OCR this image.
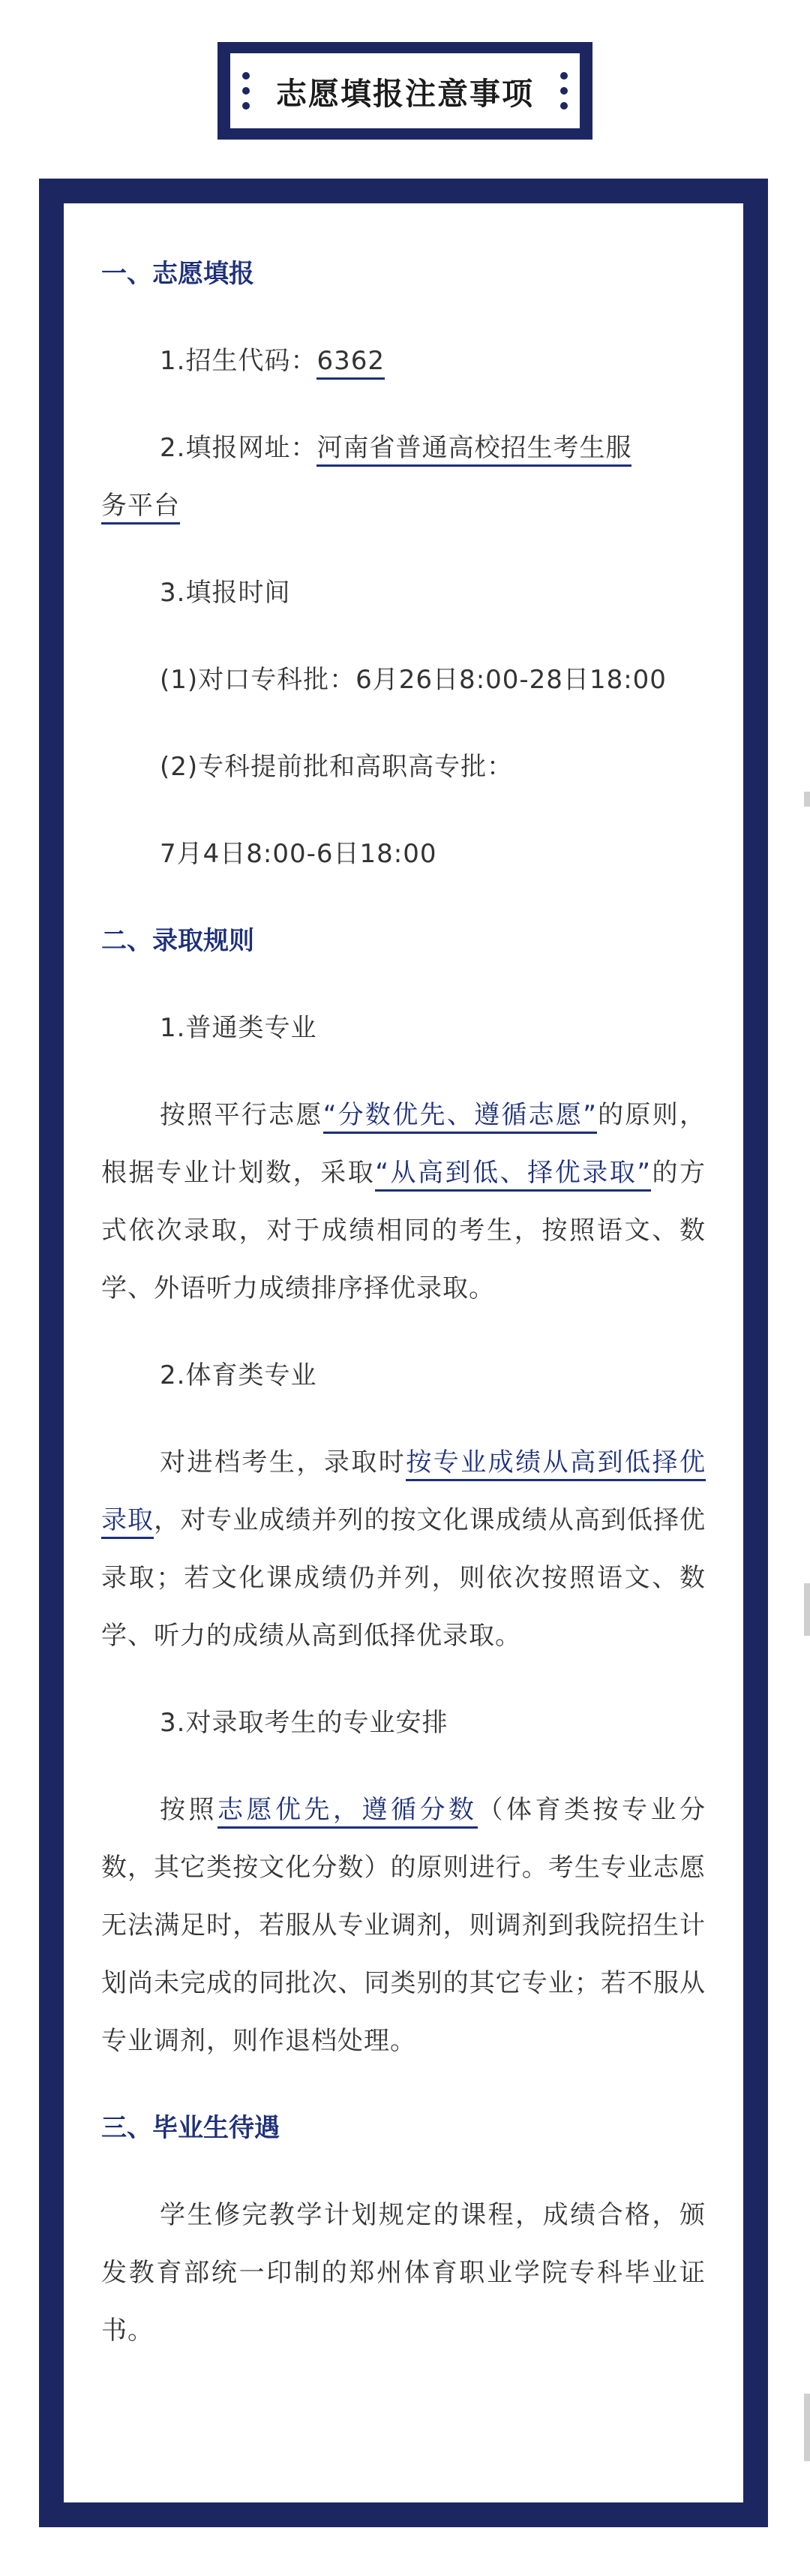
志愿填报注意事项

一、志愿填报

1.招生代码：6362

2.填报网址：河南省普通高校招生考生服

务平台

3.填报时间

(1)对口专科批：6月26日8:00-28日18:00

(2)专科提前批和高职高专批：

7月4日8:00-6日18:00

二、录取规则

1.普通类专业

按照平行志愿“分数优先、遵循志愿”的原则，根据专业计划数，采取“从高到低、择优录取”的方式依次录取，对于成绩相同的考生，按照语文、数学、外语听力成绩排序择优录取。

2.体育类专业

对进档考生，录取时按专业成绩从高到低择优录取，对专业成绩并列的按文化课成绩从高到低择优录取；若文化课成绩仍并列，则依次按照语文、数学、听力的成绩从高到低择优录取。

3.对录取考生的专业安排

按照志愿优先，遵循分数（体育类按专业分数，其它类按文化分数）的原则进行。考生专业志愿无法满足时，若服从专业调剂，则调剂到我院招生计划尚未完成的同批次、同类别的其它专业；若不服从专业调剂，则作退档处理。

三、毕业生待遇

学生修完教学计划规定的课程，成绩合格，颁发教育部统一印制的郑州体育职业学院专科毕业证书。
